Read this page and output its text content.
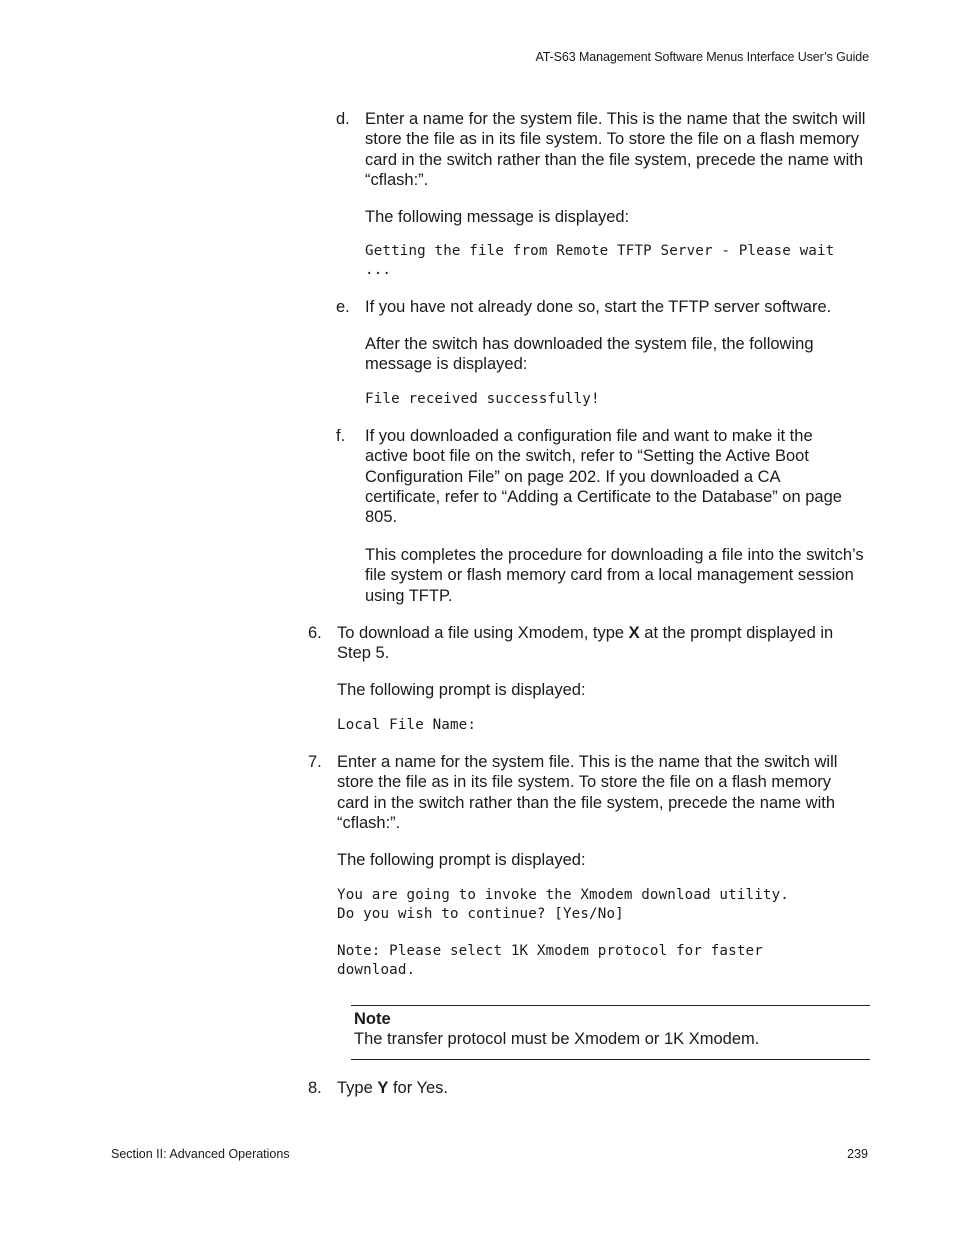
AT-S63 Management Software Menus Interface User’s Guide
d. Enter a name for the system file. This is the name that the switch will store the file as in its file system. To store the file on a flash memory card in the switch rather than the file system, precede the name with “cflash:”.

The following message is displayed:

Getting the file from Remote TFTP Server - Please wait
...
e. If you have not already done so, start the TFTP server software.

After the switch has downloaded the system file, the following message is displayed:

File received successfully!
f.	If you downloaded a configuration file and want to make it the active boot file on the switch, refer to “Setting the Active Boot Configuration File” on page 202. If you downloaded a CA certificate, refer to “Adding a Certificate to the Database” on page 805.

This completes the procedure for downloading a file into the switch’s file system or flash memory card from a local management session using TFTP.

6. To download a file using Xmodem, type X at the prompt displayed in Step 5.

The following prompt is displayed:

Local File Name:
7. Enter a name for the system file. This is the name that the switch will store the file as in its file system. To store the file on a flash memory card in the switch rather than the file system, precede the name with “cflash:”.

The following prompt is displayed:

You are going to invoke the Xmodem download utility.
Do you wish to continue? [Yes/No]
Note: Please select 1K Xmodem protocol for faster
download.
Note
The transfer protocol must be Xmodem or 1K Xmodem.
8. Type Y for Yes.

Section II: Advanced Operations	239
